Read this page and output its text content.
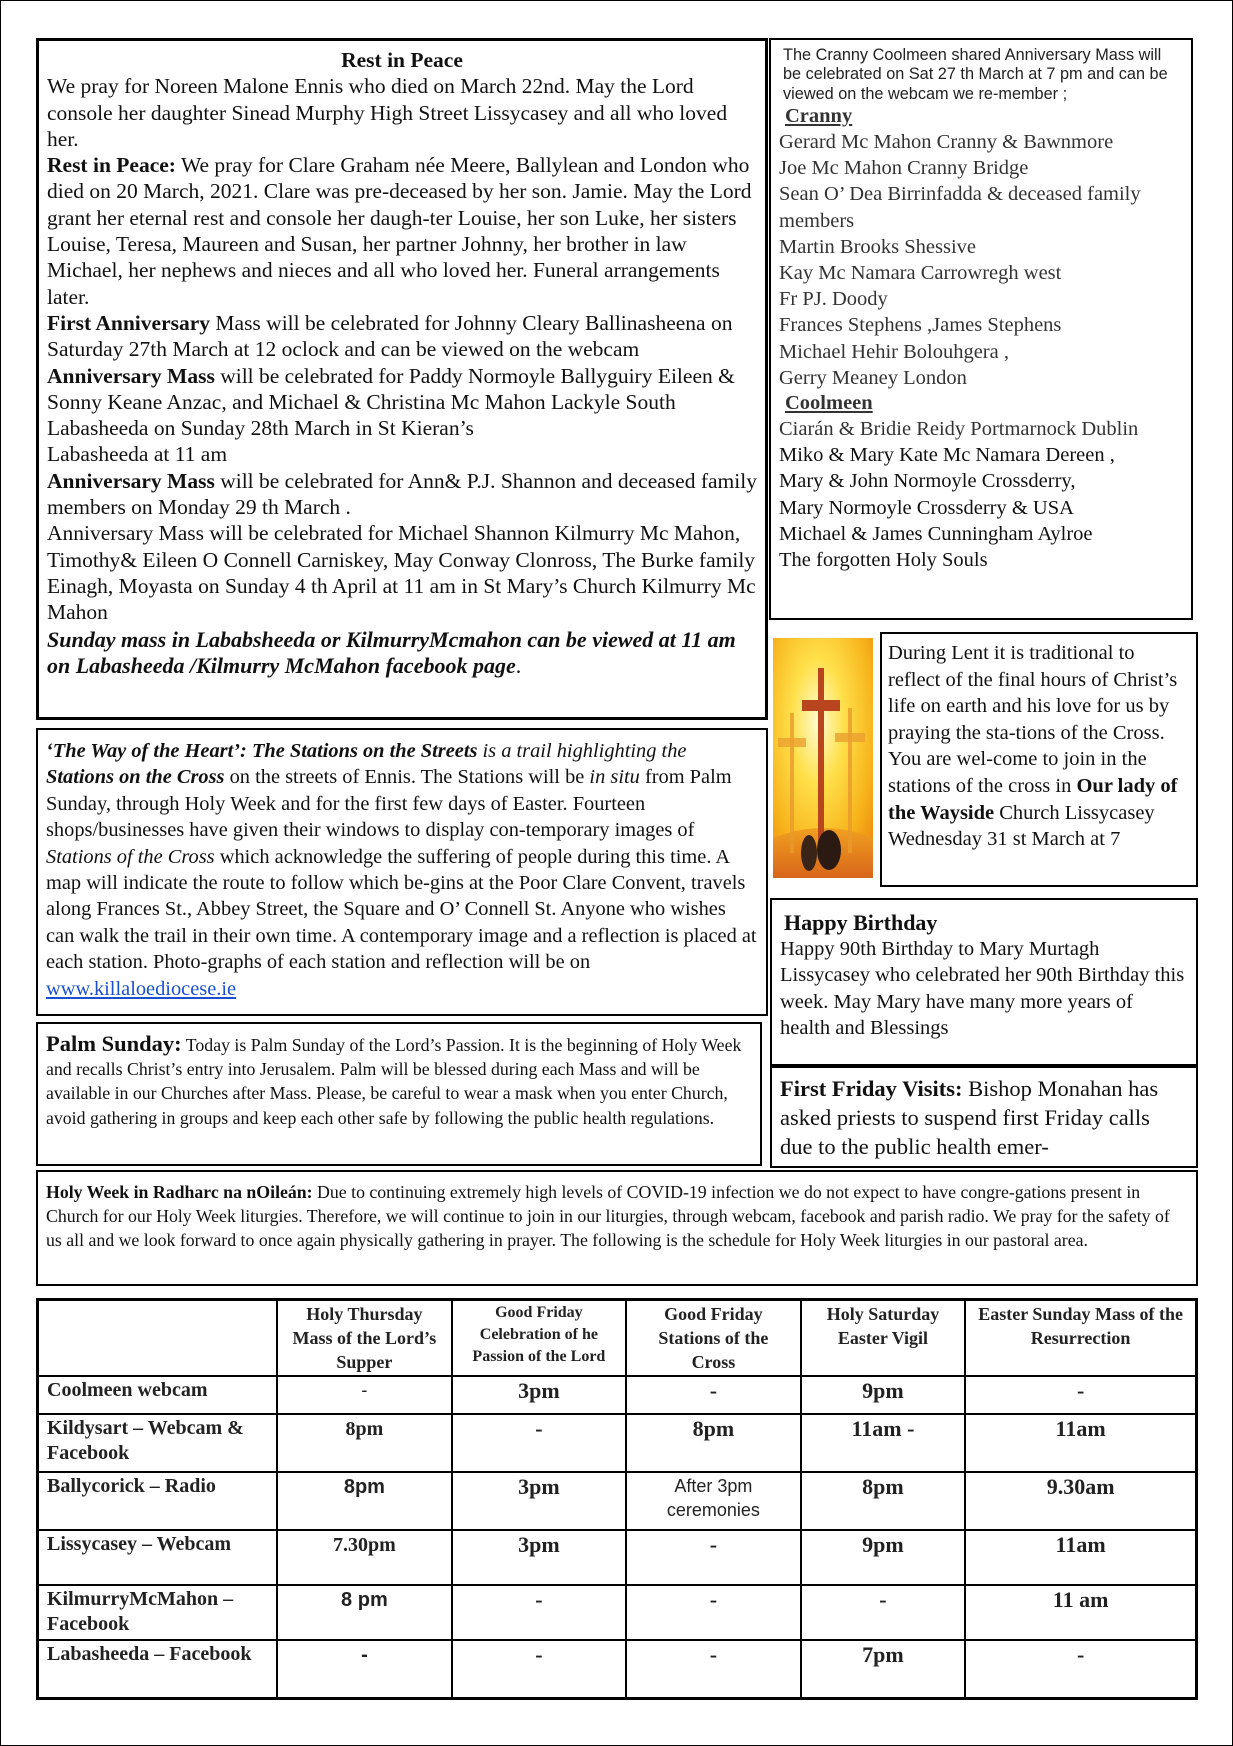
Rest in Peace

We pray for Noreen Malone Ennis who died on March 22nd. May the Lord console her daughter Sinead Murphy High Street Lissycasey and all who loved her.

Rest in Peace: We pray for Clare Graham née Meere, Ballylean and London who died on 20 March, 2021. Clare was pre-deceased by her son. Jamie. May the Lord grant her eternal rest and console her daugh-ter Louise, her son Luke, her sisters Louise, Teresa, Maureen and Susan, her partner Johnny, her brother in law Michael, her nephews and nieces and all who loved her. Funeral arrangements later.

First Anniversary Mass will be celebrated for Johnny Cleary Ballinasheena on Saturday 27th March at 12 oclock and can be viewed on the webcam

Anniversary Mass will be celebrated for Paddy Normoyle Ballyguiry Eileen & Sonny Keane Anzac, and Michael & Christina Mc Mahon Lackyle South Labasheeda on Sunday 28th March in St Kieran’s

Labasheeda at 11 am

Anniversary Mass will be celebrated for Ann& P.J. Shannon and deceased family members on Monday 29 th March .

Anniversary Mass will be celebrated for Michael Shannon Kilmurry Mc Mahon, Timothy& Eileen O Connell Carniskey, May Conway Clonross, The Burke family Einagh, Moyasta on Sunday 4 th April at 11 am in St Mary’s Church Kilmurry Mc Mahon

Sunday mass in Lababsheeda or KilmurryMcmahon can be viewed at 11 am on Labasheeda /Kilmurry McMahon facebook page.

The Cranny Coolmeen shared Anniversary Mass will be celebrated on Sat 27 th March at 7 pm and can be viewed on the webcam we re-member ;

Cranny

Gerard Mc Mahon Cranny & Bawnmore

Joe Mc Mahon Cranny Bridge

Sean O’ Dea Birrinfadda & deceased family members

Martin Brooks Shessive

Kay Mc Namara Carrowregh west

Fr PJ. Doody

Frances Stephens ,James Stephens

Michael Hehir Bolouhgera ,

Gerry Meaney London

Coolmeen

Ciarán & Bridie Reidy Portmarnock Dublin

Miko & Mary Kate Mc Namara Dereen ,

Mary & John Normoyle Crossderry,

Mary Normoyle Crossderry & USA

Michael & James Cunningham Aylroe

The forgotten Holy Souls

During Lent it is traditional to reflect of the final hours of Christ’s life on earth and his love for us by praying the sta-tions of the Cross. You are wel-come to join in the stations of the cross in Our lady of the Wayside Church Lissycasey Wednesday 31 st March at 7

‘The Way of the Heart’: The Stations on the Streets is a trail highlighting the Stations on the Cross on the streets of Ennis. The Stations will be in situ from Palm Sunday, through Holy Week and for the first few days of Easter. Fourteen shops/businesses have given their windows to display con-temporary images of Stations of the Cross which acknowledge the suffering of people during this time. A map will indicate the route to follow which be-gins at the Poor Clare Convent, travels along Frances St., Abbey Street, the Square and O’ Connell St. Anyone who wishes can walk the trail in their own time. A contemporary image and a reflection is placed at each station. Photo-graphs of each station and reflection will be on www.killaloediocese.ie

Palm Sunday: Today is Palm Sunday of the Lord’s Passion. It is the beginning of Holy Week and recalls Christ’s entry into Jerusalem. Palm will be blessed during each Mass and will be available in our Churches after Mass. Please, be careful to wear a mask when you enter Church, avoid gathering in groups and keep each other safe by following the public health regulations.

Happy Birthday

Happy 90th Birthday to Mary Murtagh Lissycasey who celebrated her 90th Birthday this week. May Mary have many more years of health and Blessings

First Friday Visits: Bishop Monahan has asked priests to suspend first Friday calls due to the public health emer-

Holy Week in Radharc na nOileán: Due to continuing extremely high levels of COVID-19 infection we do not expect to have congre-gations present in Church for our Holy Week liturgies. Therefore, we will continue to join in our liturgies, through webcam, facebook and parish radio. We pray for the safety of us all and we look forward to once again physically gathering in prayer. The following is the schedule for Holy Week liturgies in our pastoral area.

	Holy Thursday Mass of the Lord’s Supper	Good Friday Celebration of he Passion of the Lord	Good Friday Stations of the Cross	Holy Saturday Easter Vigil	Easter Sunday Mass of the Resurrection
Coolmeen webcam	-	3pm	-	9pm	-
Kildysart – Webcam & Facebook	8pm	-	8pm	11am -	11am
Ballycorick – Radio	8pm	3pm	After 3pm ceremonies	8pm	9.30am
Lissycasey – Webcam	7.30pm	3pm	-	9pm	11am
KilmurryMcMahon – Facebook	8 pm	-	-	-	11 am
Labasheeda – Facebook	-	-	-	7pm	-
